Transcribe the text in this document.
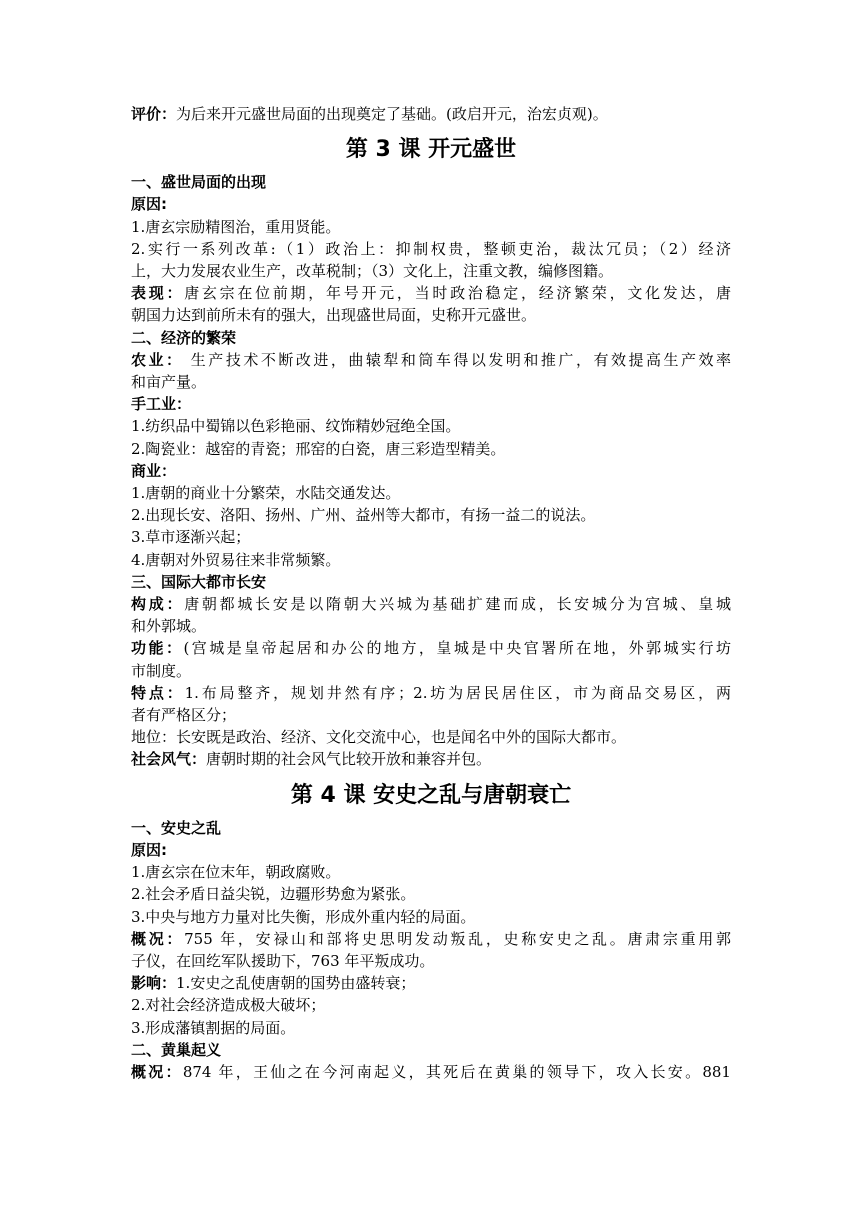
评价：为后来开元盛世局面的出现奠定了基础。(政启开元，治宏贞观)。
第 3 课 开元盛世
一、盛世局面的出现
原因:
1.唐玄宗励精图治，重用贤能。
2.实行一系列改革:（1）政治上：抑制权贵，整顿吏治，裁汰冗员；（2）经济
上，大力发展农业生产，改革税制；（3）文化上，注重文教，编修图籍。
表现：唐玄宗在位前期，年号开元，当时政治稳定，经济繁荣，文化发达，唐
朝国力达到前所未有的强大，出现盛世局面，史称开元盛世。
二、经济的繁荣
农业： 生产技术不断改进，曲辕犁和筒车得以发明和推广，有效提高生产效率
和亩产量。
手工业：
1.纺织品中蜀锦以色彩艳丽、纹饰精妙冠绝全国。
2.陶瓷业：越窑的青瓷；邢窑的白瓷，唐三彩造型精美。
商业：
1.唐朝的商业十分繁荣，水陆交通发达。
2.出现长安、洛阳、扬州、广州、益州等大都市，有扬一益二的说法。
3.草市逐渐兴起；
4.唐朝对外贸易往来非常频繁。
三、国际大都市长安
构成：唐朝都城长安是以隋朝大兴城为基础扩建而成，长安城分为宫城、皇城
和外郭城。
功能：(宫城是皇帝起居和办公的地方，皇城是中央官署所在地，外郭城实行坊
市制度。
特点：1.布局整齐，规划井然有序；2.坊为居民居住区，市为商品交易区，两
者有严格区分；
地位：长安既是政治、经济、文化交流中心，也是闻名中外的国际大都市。
社会风气：唐朝时期的社会风气比较开放和兼容并包。
第 4 课 安史之乱与唐朝衰亡
一、安史之乱
原因:
1.唐玄宗在位末年，朝政腐败。
2.社会矛盾日益尖锐，边疆形势愈为紧张。
3.中央与地方力量对比失衡，形成外重内轻的局面。
概况：755 年，安禄山和部将史思明发动叛乱，史称安史之乱。唐肃宗重用郭
子仪，在回纥军队援助下，763 年平叛成功。
影响：1.安史之乱使唐朝的国势由盛转衰；
2.对社会经济造成极大破坏；
3.形成藩镇割据的局面。
二、黄巢起义
概况：874 年，王仙之在今河南起义，其死后在黄巢的领导下，攻入长安。881
